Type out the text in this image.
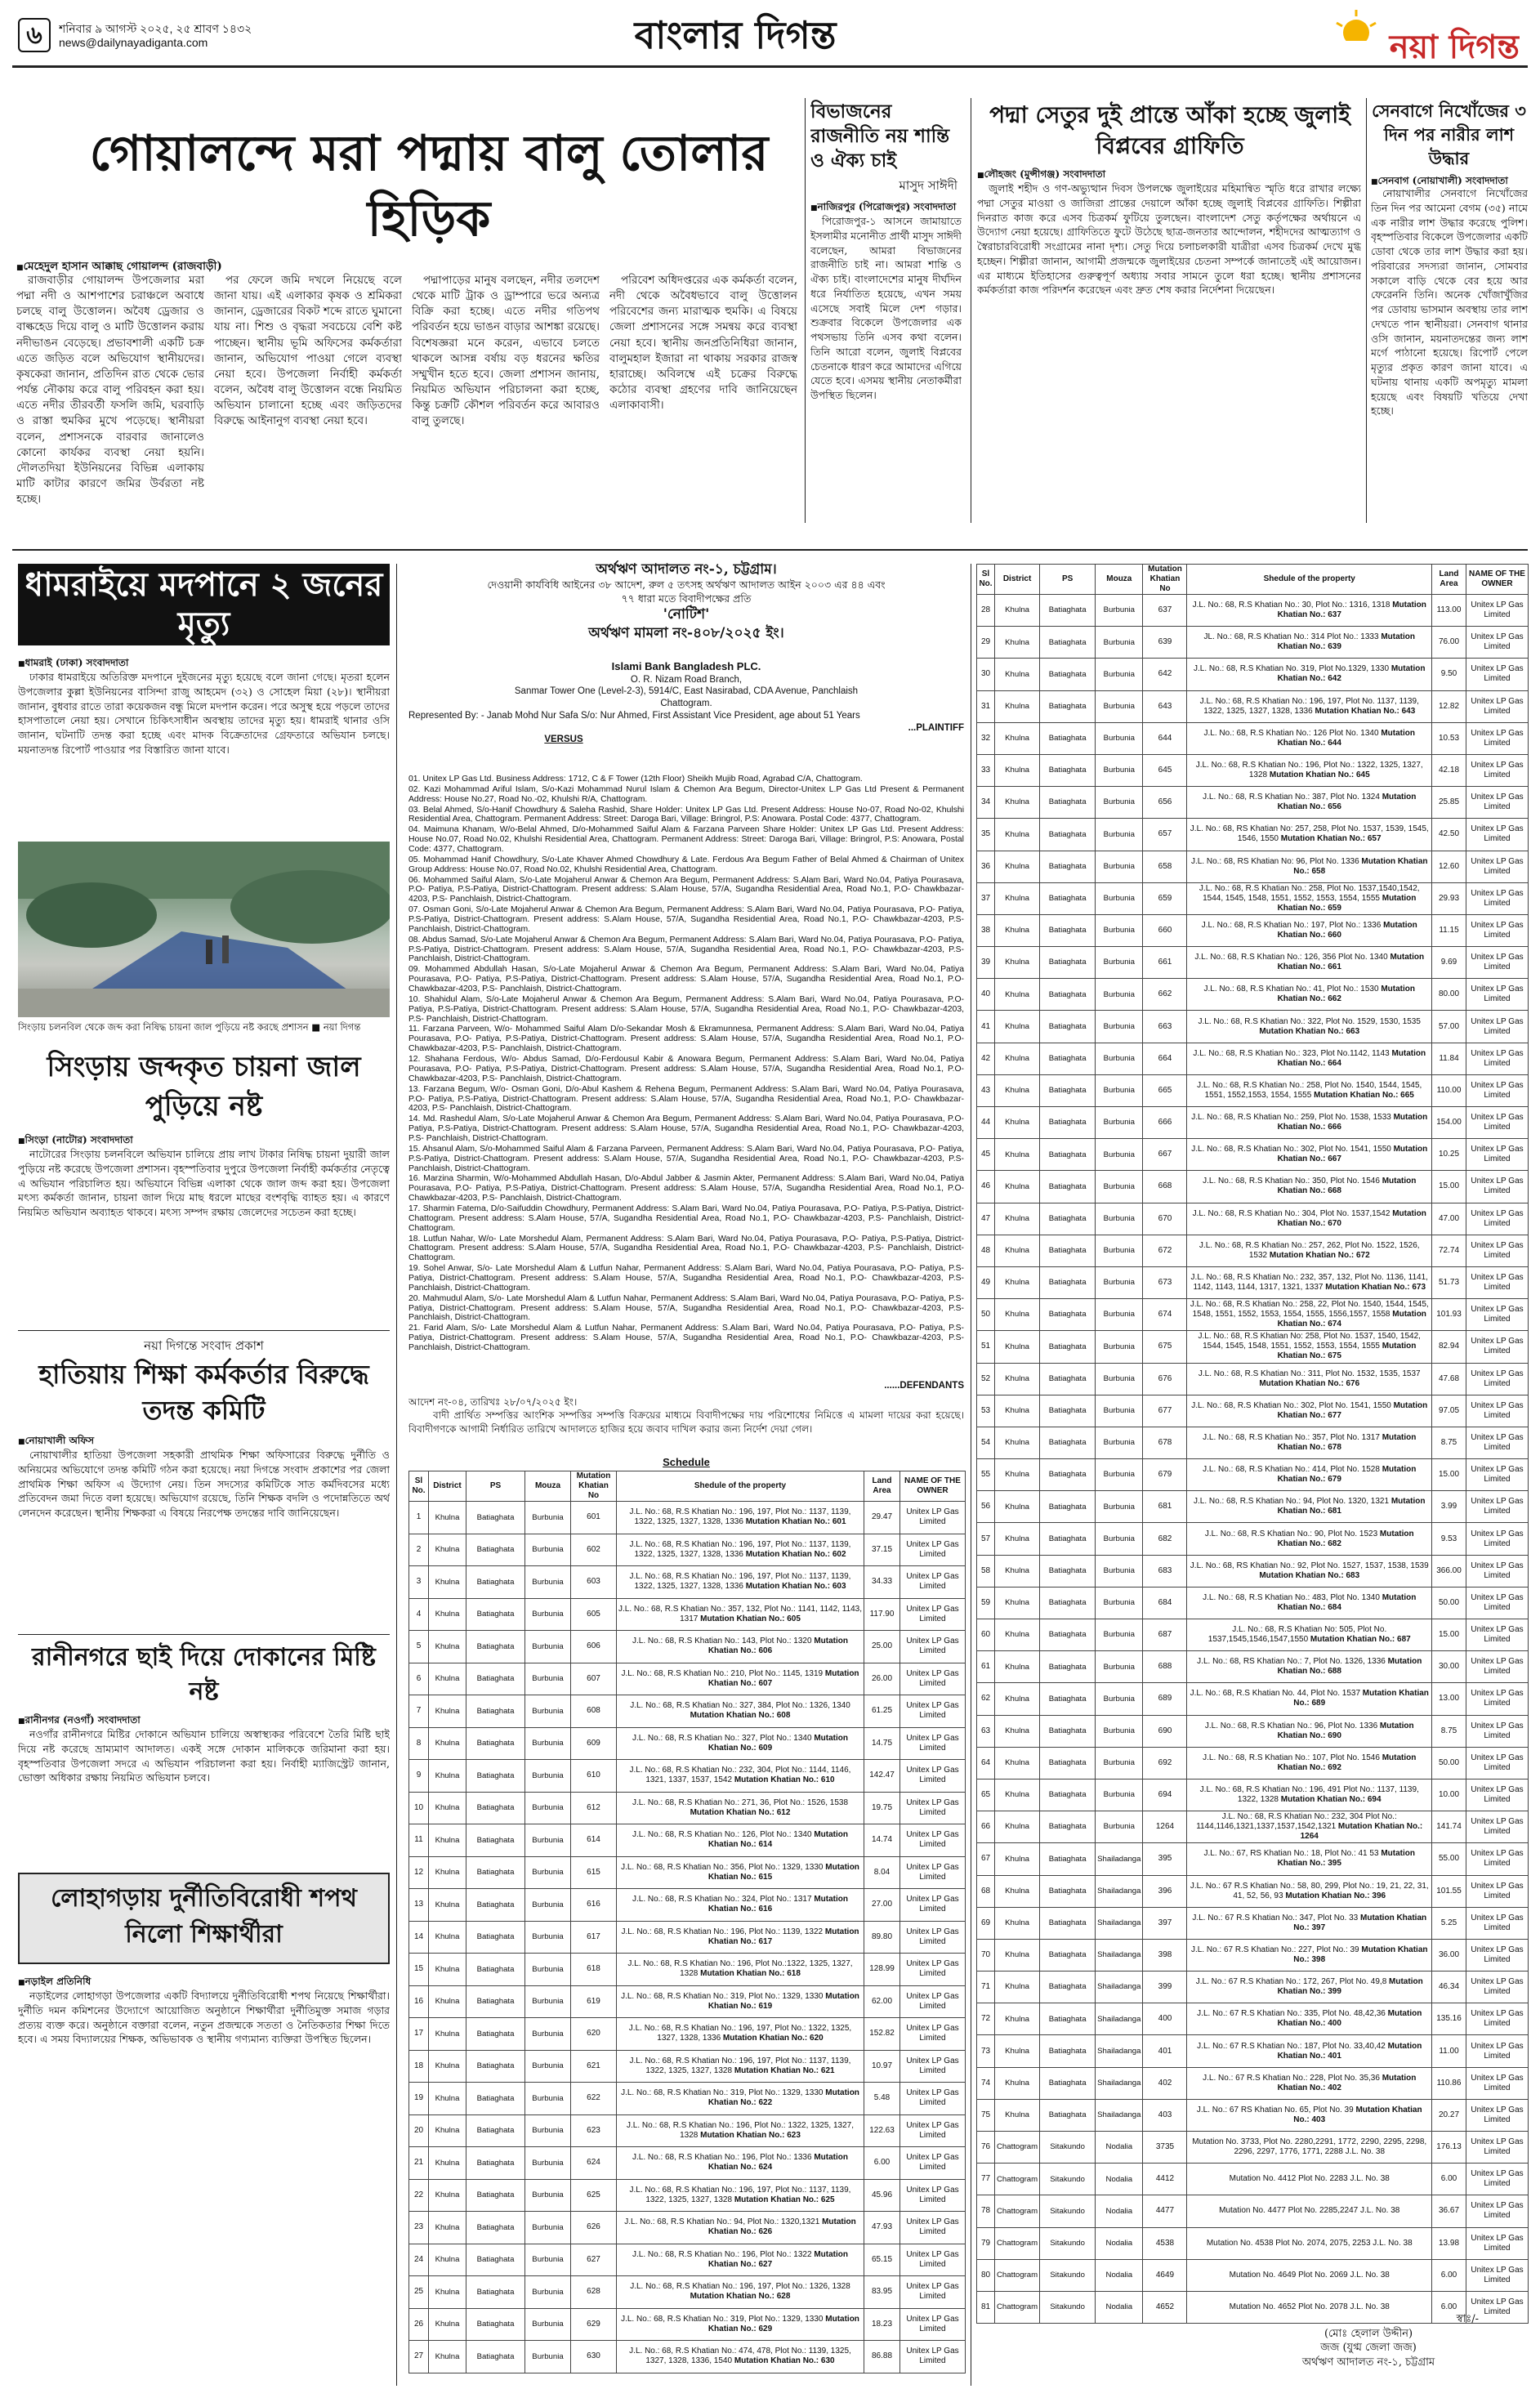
৬	শনিবার ৯ আগস্ট ২০২৫, ২৫ শ্রাবণ ১৪৩২
news@dailynayadiganta.com	বাংলার দিগন্ত	নয়া দিগন্ত
গোয়ালন্দে মরা পদ্মায় বালু তোলার হিড়িক
■ মেহেদুল হাসান আক্কাছ গোয়ালন্দ (রাজবাড়ী)

রাজবাড়ীর গোয়ালন্দ উপজেলার মরা পদ্মা নদী ও আশপাশের চরাঞ্চলে অবাধে চলছে বালু উত্তোলন। অবৈধ ড্রেজার ও বাল্কহেড দিয়ে বালু ও মাটি উত্তোলন করায় নদীভাঙন বেড়েছে। প্রভাবশালী একটি চক্র এতে জড়িত বলে অভিযোগ স্থানীয়দের। কৃষকেরা জানান, প্রতিদিন রাত থেকে ভোর পর্যন্ত নৌকায় করে বালু পরিবহন করা হয়। এতে নদীর তীরবর্তী ফসলি জমি, ঘরবাড়ি ও রাস্তা হুমকির মুখে পড়েছে। স্থানীয়রা বলেন, প্রশাসনকে বারবার জানালেও কোনো কার্যকর ব্যবস্থা নেয়া হয়নি। দৌলতদিয়া ইউনিয়নের বিভিন্ন এলাকায় মাটি কাটার কারণে জমির উর্বরতা নষ্ট হচ্ছে।

পর ফেলে জমি দখলে নিয়েছে বলে জানা যায়। এই এলাকার কৃষক ও শ্রমিকরা জানান, ড্রেজারের বিকট শব্দে রাতে ঘুমানো যায় না। শিশু ও বৃদ্ধরা সবচেয়ে বেশি কষ্ট পাচ্ছেন। স্থানীয় ভূমি অফিসের কর্মকর্তারা জানান, অভিযোগ পাওয়া গেলে ব্যবস্থা নেয়া হবে। উপজেলা নির্বাহী কর্মকর্তা বলেন, অবৈধ বালু উত্তোলন বন্ধে নিয়মিত অভিযান চালানো হচ্ছে এবং জড়িতদের বিরুদ্ধে আইনানুগ ব্যবস্থা নেয়া হবে।

পদ্মাপাড়ের মানুষ বলছেন, নদীর তলদেশ থেকে মাটি ট্রাক ও ড্রাম্পারে ভরে অন্যত্র বিক্রি করা হচ্ছে। এতে নদীর গতিপথ পরিবর্তন হয়ে ভাঙন বাড়ার আশঙ্কা রয়েছে। বিশেষজ্ঞরা মনে করেন, এভাবে চলতে থাকলে আসন্ন বর্ষায় বড় ধরনের ক্ষতির সম্মুখীন হতে হবে। জেলা প্রশাসন জানায়, নিয়মিত অভিযান পরিচালনা করা হচ্ছে, কিন্তু চক্রটি কৌশল পরিবর্তন করে আবারও বালু তুলছে।

পরিবেশ অধিদপ্তরের এক কর্মকর্তা বলেন, নদী থেকে অবৈধভাবে বালু উত্তোলন পরিবেশের জন্য মারাত্মক হুমকি। এ বিষয়ে জেলা প্রশাসনের সঙ্গে সমন্বয় করে ব্যবস্থা নেয়া হবে। স্থানীয় জনপ্রতিনিধিরা জানান, বালুমহাল ইজারা না থাকায় সরকার রাজস্ব হারাচ্ছে। অবিলম্বে এই চক্রের বিরুদ্ধে কঠোর ব্যবস্থা গ্রহণের দাবি জানিয়েছেন এলাকাবাসী।

বিভাজনের রাজনীতি নয় শান্তি ও ঐক্য চাই
মাসুদ সাঈদী
■ নাজিরপুর (পিরোজপুর) সংবাদদাতা

পিরোজপুর-১ আসনে জামায়াতে ইসলামীর মনোনীত প্রার্থী মাসুদ সাঈদী বলেছেন, আমরা বিভাজনের রাজনীতি চাই না। আমরা শান্তি ও ঐক্য চাই। বাংলাদেশের মানুষ দীর্ঘদিন ধরে নির্যাতিত হয়েছে, এখন সময় এসেছে সবাই মিলে দেশ গড়ার। শুক্রবার বিকেলে উপজেলার এক পথসভায় তিনি এসব কথা বলেন। তিনি আরো বলেন, জুলাই বিপ্লবের চেতনাকে ধারণ করে আমাদের এগিয়ে যেতে হবে। এসময় স্থানীয় নেতাকর্মীরা উপস্থিত ছিলেন।

পদ্মা সেতুর দুই প্রান্তে আঁকা হচ্ছে জুলাই বিপ্লবের গ্রাফিতি
■ লৌহজং (মুন্সীগঞ্জ) সংবাদদাতা

জুলাই শহীদ ও গণ-অভ্যুত্থান দিবস উপলক্ষে জুলাইয়ের মহিমান্বিত স্মৃতি ধরে রাখার লক্ষ্যে পদ্মা সেতুর মাওয়া ও জাজিরা প্রান্তের দেয়ালে আঁকা হচ্ছে জুলাই বিপ্লবের গ্রাফিতি। শিল্পীরা দিনরাত কাজ করে এসব চিত্রকর্ম ফুটিয়ে তুলছেন। বাংলাদেশ সেতু কর্তৃপক্ষের অর্থায়নে এ উদ্যোগ নেয়া হয়েছে। গ্রাফিতিতে ফুটে উঠেছে ছাত্র-জনতার আন্দোলন, শহীদদের আত্মত্যাগ ও স্বৈরাচারবিরোধী সংগ্রামের নানা দৃশ্য। সেতু দিয়ে চলাচলকারী যাত্রীরা এসব চিত্রকর্ম দেখে মুগ্ধ হচ্ছেন। শিল্পীরা জানান, আগামী প্রজন্মকে জুলাইয়ের চেতনা সম্পর্কে জানাতেই এই আয়োজন। এর মাধ্যমে ইতিহাসের গুরুত্বপূর্ণ অধ্যায় সবার সামনে তুলে ধরা হচ্ছে। স্থানীয় প্রশাসনের কর্মকর্তারা কাজ পরিদর্শন করেছেন এবং দ্রুত শেষ করার নির্দেশনা দিয়েছেন।

সেনবাগে নিখোঁজের ৩ দিন পর নারীর লাশ উদ্ধার
■ সেনবাগ (নোয়াখালী) সংবাদদাতা

নোয়াখালীর সেনবাগে নিখোঁজের তিন দিন পর আমেনা বেগম (৩৫) নামে এক নারীর লাশ উদ্ধার করেছে পুলিশ। বৃহস্পতিবার বিকেলে উপজেলার একটি ডোবা থেকে তার লাশ উদ্ধার করা হয়। পরিবারের সদস্যরা জানান, সোমবার সকালে বাড়ি থেকে বের হয়ে আর ফেরেননি তিনি। অনেক খোঁজাখুঁজির পর ডোবায় ভাসমান অবস্থায় তার লাশ দেখতে পান স্থানীয়রা। সেনবাগ থানার ওসি জানান, ময়নাতদন্তের জন্য লাশ মর্গে পাঠানো হয়েছে। রিপোর্ট পেলে মৃত্যুর প্রকৃত কারণ জানা যাবে। এ ঘটনায় থানায় একটি অপমৃত্যু মামলা হয়েছে এবং বিষয়টি খতিয়ে দেখা হচ্ছে।

ধামরাইয়ে মদপানে ২ জনের মৃত্যু
■ ধামরাই (ঢাকা) সংবাদদাতা

ঢাকার ধামরাইয়ে অতিরিক্ত মদপানে দুইজনের মৃত্যু হয়েছে বলে জানা গেছে। মৃতরা হলেন উপজেলার কুল্লা ইউনিয়নের বাসিন্দা রাজু আহমেদ (৩২) ও সোহেল মিয়া (২৮)। স্থানীয়রা জানান, বুধবার রাতে তারা কয়েকজন বন্ধু মিলে মদপান করেন। পরে অসুস্থ হয়ে পড়লে তাদের হাসপাতালে নেয়া হয়। সেখানে চিকিৎসাধীন অবস্থায় তাদের মৃত্যু হয়। ধামরাই থানার ওসি জানান, ঘটনাটি তদন্ত করা হচ্ছে এবং মাদক বিক্রেতাদের গ্রেফতারে অভিযান চলছে। ময়নাতদন্ত রিপোর্ট পাওয়ার পর বিস্তারিত জানা যাবে।

সিংড়ায় চলনবিল থেকে জব্দ করা নিষিদ্ধ চায়না জাল পুড়িয়ে নষ্ট করছে প্রশাসন ■ নয়া দিগন্ত
সিংড়ায় জব্দকৃত চায়না জাল পুড়িয়ে নষ্ট
■ সিংড়া (নাটোর) সংবাদদাতা

নাটোরের সিংড়ায় চলনবিলে অভিযান চালিয়ে প্রায় লাখ টাকার নিষিদ্ধ চায়না দুয়ারী জাল পুড়িয়ে নষ্ট করেছে উপজেলা প্রশাসন। বৃহস্পতিবার দুপুরে উপজেলা নির্বাহী কর্মকর্তার নেতৃত্বে এ অভিযান পরিচালিত হয়। অভিযানে বিভিন্ন এলাকা থেকে জাল জব্দ করা হয়। উপজেলা মৎস্য কর্মকর্তা জানান, চায়না জাল দিয়ে মাছ ধরলে মাছের বংশবৃদ্ধি ব্যাহত হয়। এ কারণে নিয়মিত অভিযান অব্যাহত থাকবে। মৎস্য সম্পদ রক্ষায় জেলেদের সচেতন করা হচ্ছে।

নয়া দিগন্তে সংবাদ প্রকাশ
হাতিয়ায় শিক্ষা কর্মকর্তার বিরুদ্ধে তদন্ত কমিটি
■ নোয়াখালী অফিস

নোয়াখালীর হাতিয়া উপজেলা সহকারী প্রাথমিক শিক্ষা অফিসারের বিরুদ্ধে দুর্নীতি ও অনিয়মের অভিযোগে তদন্ত কমিটি গঠন করা হয়েছে। নয়া দিগন্তে সংবাদ প্রকাশের পর জেলা প্রাথমিক শিক্ষা অফিস এ উদ্যোগ নেয়। তিন সদস্যের কমিটিকে সাত কর্মদিবসের মধ্যে প্রতিবেদন জমা দিতে বলা হয়েছে। অভিযোগ রয়েছে, তিনি শিক্ষক বদলি ও পদোন্নতিতে অর্থ লেনদেন করেছেন। স্থানীয় শিক্ষকরা এ বিষয়ে নিরপেক্ষ তদন্তের দাবি জানিয়েছেন।

রানীনগরে ছাই দিয়ে দোকানের মিষ্টি নষ্ট
■ রানীনগর (নওগাঁ) সংবাদদাতা

নওগাঁর রানীনগরে মিষ্টির দোকানে অভিযান চালিয়ে অস্বাস্থ্যকর পরিবেশে তৈরি মিষ্টি ছাই দিয়ে নষ্ট করেছে ভ্রাম্যমাণ আদালত। একই সঙ্গে দোকান মালিককে জরিমানা করা হয়। বৃহস্পতিবার উপজেলা সদরে এ অভিযান পরিচালনা করা হয়। নির্বাহী ম্যাজিস্ট্রেট জানান, ভোক্তা অধিকার রক্ষায় নিয়মিত অভিযান চলবে।

লোহাগড়ায় দুর্নীতিবিরোধী শপথ নিলো শিক্ষার্থীরা
■ নড়াইল প্রতিনিধি

নড়াইলের লোহাগড়া উপজেলার একটি বিদ্যালয়ে দুর্নীতিবিরোধী শপথ নিয়েছে শিক্ষার্থীরা। দুর্নীতি দমন কমিশনের উদ্যোগে আয়োজিত অনুষ্ঠানে শিক্ষার্থীরা দুর্নীতিমুক্ত সমাজ গড়ার প্রত্যয় ব্যক্ত করে। অনুষ্ঠানে বক্তারা বলেন, নতুন প্রজন্মকে সততা ও নৈতিকতার শিক্ষা দিতে হবে। এ সময় বিদ্যালয়ের শিক্ষক, অভিভাবক ও স্থানীয় গণ্যমান্য ব্যক্তিরা উপস্থিত ছিলেন।

অর্থঋণ আদালত নং-১, চট্টগ্রাম।
দেওয়ানী কার্যবিধি আইনের ৩৮ আদেশ, রুল ৫ তৎসহ অর্থঋণ আদালত আইন ২০০৩ এর ৪৪ এবং ৭৭ ধারা মতে বিবাদীপক্ষের প্রতি
'নোটিশ'
অর্থঋণ মামলা নং-৪০৮/২০২৫ ইং।
Islami Bank Bangladesh PLC.
O. R. Nizam Road Branch,
Sanmar Tower One (Level-2-3), 5914/C, East Nasirabad, CDA Avenue, Panchlaish Chattogram.
Represented By: - Janab Mohd Nur Safa S/o: Nur Ahmed, First Assistant Vice President, age about 51 Years
...PLAINTIFF
VERSUS
01. Unitex LP Gas Ltd. Business Address: 1712, C & F Tower (12th Floor) Sheikh Mujib Road, Agrabad C/A, Chattogram.
02. Kazi Mohammad Ariful Islam, S/o-Kazi Mohammad Nurul Islam & Chemon Ara Begum, Director-Unitex L.P Gas Ltd Present & Permanent Address: House No.27, Road No.-02, Khulshi R/A, Chattogram.
03. Belal Ahmed, S/o-Hanif Chowdhury & Saleha Rashid, Share Holder: Unitex LP Gas Ltd. Present Address: House No-07, Road No-02, Khulshi Residential Area, Chattogram. Permanent Address: Street: Daroga Bari, Village: Bringrol, P.S: Anowara. Postal Code: 4377, Chattogram.
04. Maimuna Khanam, W/o-Belal Ahmed, D/o-Mohammed Saiful Alam & Farzana Parveen Share Holder: Unitex LP Gas Ltd. Present Address: House No.07, Road No.02, Khulshi Residential Area, Chattogram. Permanent Address: Street: Daroga Bari, Village: Bringrol, P.S: Anowara, Postal Code: 4377, Chattogram.
05. Mohammad Hanif Chowdhury, S/o-Late Khaver Ahmed Chowdhury & Late. Ferdous Ara Begum Father of Belal Ahmed & Chairman of Unitex Group Address: House No.07, Road No.02, Khulshi Residential Area, Chattogram.
06. Mohammed Saiful Alam, S/o-Late Mojaherul Anwar & Chemon Ara Begum, Permanent Address: S.Alam Bari, Ward No.04, Patiya Pourasava, P.O- Patiya, P.S-Patiya, District-Chattogram. Present address: S.Alam House, 57/A, Sugandha Residential Area, Road No.1, P.O- Chawkbazar-4203, P.S- Panchlaish, District-Chattogram.
07. Osman Goni, S/o-Late Mojaherul Anwar & Chemon Ara Begum, Permanent Address: S.Alam Bari, Ward No.04, Patiya Pourasava, P.O- Patiya, P.S-Patiya, District-Chattogram. Present address: S.Alam House, 57/A, Sugandha Residential Area, Road No.1, P.O- Chawkbazar-4203, P.S- Panchlaish, District-Chattogram.
08. Abdus Samad, S/o-Late Mojaherul Anwar & Chemon Ara Begum, Permanent Address: S.Alam Bari, Ward No.04, Patiya Pourasava, P.O- Patiya, P.S-Patiya, District-Chattogram. Present address: S.Alam House, 57/A, Sugandha Residential Area, Road No.1, P.O- Chawkbazar-4203, P.S- Panchlaish, District-Chattogram.
09. Mohammed Abdullah Hasan, S/o-Late Mojaherul Anwar & Chemon Ara Begum, Permanent Address: S.Alam Bari, Ward No.04, Patiya Pourasava, P.O- Patiya, P.S-Patiya, District-Chattogram. Present address: S.Alam House, 57/A, Sugandha Residential Area, Road No.1, P.O- Chawkbazar-4203, P.S- Panchlaish, District-Chattogram.
10. Shahidul Alam, S/o-Late Mojaherul Anwar & Chemon Ara Begum, Permanent Address: S.Alam Bari, Ward No.04, Patiya Pourasava, P.O- Patiya, P.S-Patiya, District-Chattogram. Present address: S.Alam House, 57/A, Sugandha Residential Area, Road No.1, P.O- Chawkbazar-4203, P.S- Panchlaish, District-Chattogram.
11. Farzana Parveen, W/o- Mohammed Saiful Alam D/o-Sekandar Mosh & Ekramunnesa, Permanent Address: S.Alam Bari, Ward No.04, Patiya Pourasava, P.O- Patiya, P.S-Patiya, District-Chattogram. Present address: S.Alam House, 57/A, Sugandha Residential Area, Road No.1, P.O- Chawkbazar-4203, P.S- Panchlaish, District-Chattogram.
12. Shahana Ferdous, W/o- Abdus Samad, D/o-Ferdousul Kabir & Anowara Begum, Permanent Address: S.Alam Bari, Ward No.04, Patiya Pourasava, P.O- Patiya, P.S-Patiya, District-Chattogram. Present address: S.Alam House, 57/A, Sugandha Residential Area, Road No.1, P.O- Chawkbazar-4203, P.S- Panchlaish, District-Chattogram.
13. Farzana Begum, W/o- Osman Goni, D/o-Abul Kashem & Rehena Begum, Permanent Address: S.Alam Bari, Ward No.04, Patiya Pourasava, P.O- Patiya, P.S-Patiya, District-Chattogram. Present address: S.Alam House, 57/A, Sugandha Residential Area, Road No.1, P.O- Chawkbazar-4203, P.S- Panchlaish, District-Chattogram.
14. Md. Rashedul Alam, S/o-Late Mojaherul Anwar & Chemon Ara Begum, Permanent Address: S.Alam Bari, Ward No.04, Patiya Pourasava, P.O- Patiya, P.S-Patiya, District-Chattogram. Present address: S.Alam House, 57/A, Sugandha Residential Area, Road No.1, P.O- Chawkbazar-4203, P.S- Panchlaish, District-Chattogram.
15. Ahsanul Alam, S/o-Mohammed Saiful Alam & Farzana Parveen, Permanent Address: S.Alam Bari, Ward No.04, Patiya Pourasava, P.O- Patiya, P.S-Patiya, District-Chattogram. Present address: S.Alam House, 57/A, Sugandha Residential Area, Road No.1, P.O- Chawkbazar-4203, P.S- Panchlaish, District-Chattogram.
16. Marzina Sharmin, W/o-Mohammed Abdullah Hasan, D/o-Abdul Jabber & Jasmin Akter, Permanent Address: S.Alam Bari, Ward No.04, Patiya Pourasava, P.O- Patiya, P.S-Patiya, District-Chattogram. Present address: S.Alam House, 57/A, Sugandha Residential Area, Road No.1, P.O- Chawkbazar-4203, P.S- Panchlaish, District-Chattogram.
17. Sharmin Fatema, D/o-Saifuddin Chowdhury, Permanent Address: S.Alam Bari, Ward No.04, Patiya Pourasava, P.O- Patiya, P.S-Patiya, District-Chattogram. Present address: S.Alam House, 57/A, Sugandha Residential Area, Road No.1, P.O- Chawkbazar-4203, P.S- Panchlaish, District-Chattogram.
18. Lutfun Nahar, W/o- Late Morshedul Alam, Permanent Address: S.Alam Bari, Ward No.04, Patiya Pourasava, P.O- Patiya, P.S-Patiya, District-Chattogram. Present address: S.Alam House, 57/A, Sugandha Residential Area, Road No.1, P.O- Chawkbazar-4203, P.S- Panchlaish, District-Chattogram.
19. Sohel Anwar, S/o- Late Morshedul Alam & Lutfun Nahar, Permanent Address: S.Alam Bari, Ward No.04, Patiya Pourasava, P.O- Patiya, P.S-Patiya, District-Chattogram. Present address: S.Alam House, 57/A, Sugandha Residential Area, Road No.1, P.O- Chawkbazar-4203, P.S- Panchlaish, District-Chattogram.
20. Mahmudul Alam, S/o- Late Morshedul Alam & Lutfun Nahar, Permanent Address: S.Alam Bari, Ward No.04, Patiya Pourasava, P.O- Patiya, P.S-Patiya, District-Chattogram. Present address: S.Alam House, 57/A, Sugandha Residential Area, Road No.1, P.O- Chawkbazar-4203, P.S- Panchlaish, District-Chattogram.
21. Farid Alam, S/o- Late Morshedul Alam & Lutfun Nahar, Permanent Address: S.Alam Bari, Ward No.04, Patiya Pourasava, P.O- Patiya, P.S-Patiya, District-Chattogram. Present address: S.Alam House, 57/A, Sugandha Residential Area, Road No.1, P.O- Chawkbazar-4203, P.S- Panchlaish, District-Chattogram.
......DEFENDANTS
আদেশ নং-০৪, তারিখঃ ২৮/০৭/২০২৫ ইং।
বাদী প্রার্থিত সম্পত্তির আংশিক সম্পত্তির সম্পত্তি বিক্রয়ের মাধ্যমে বিবাদীপক্ষের দায় পরিশোধের নিমিত্তে এ মামলা দায়ের করা হয়েছে। বিবাদীগণকে আগামী নির্ধারিত তারিখে আদালতে হাজির হয়ে জবাব দাখিল করার জন্য নির্দেশ দেয়া গেল।
Schedule
Sl No.	District	PS	Mouza	Mutation Khatian No	Shedule of the property	Land Area	NAME OF THE OWNER
1	Khulna	Batiaghata	Burbunia	601	J.L. No.: 68, R.S Khatian No.: 196, 197, Plot No.: 1137, 1139, 1322, 1325, 1327, 1328, 1336 Mutation Khatian No.: 601	29.47	Unitex LP Gas Limited
2	Khulna	Batiaghata	Burbunia	602	J.L. No.: 68, R.S Khatian No.: 196, 197, Plot No.: 1137, 1139, 1322, 1325, 1327, 1328, 1336 Mutation Khatian No.: 602	37.15	Unitex LP Gas Limited
3	Khulna	Batiaghata	Burbunia	603	J.L. No.: 68, R.S Khatian No.: 196, 197, Plot No.: 1137, 1139, 1322, 1325, 1327, 1328, 1336 Mutation Khatian No.: 603	34.33	Unitex LP Gas Limited
4	Khulna	Batiaghata	Burbunia	605	J.L. No.: 68, R.S Khatian No.: 357, 132, Plot No.: 1141, 1142, 1143, 1317 Mutation Khatian No.: 605	117.90	Unitex LP Gas Limited
5	Khulna	Batiaghata	Burbunia	606	J.L. No.: 68, R.S Khatian No.: 143, Plot No.: 1320 Mutation Khatian No.: 606	25.00	Unitex LP Gas Limited
6	Khulna	Batiaghata	Burbunia	607	J.L. No.: 68, R.S Khatian No.: 210, Plot No.: 1145, 1319 Mutation Khatian No.: 607	26.00	Unitex LP Gas Limited
7	Khulna	Batiaghata	Burbunia	608	J.L. No.: 68, R.S Khatian No.: 327, 384, Plot No.: 1326, 1340 Mutation Khatian No.: 608	61.25	Unitex LP Gas Limited
8	Khulna	Batiaghata	Burbunia	609	J.L. No.: 68, R.S Khatian No.: 327, Plot No.: 1340 Mutation Khatian No.: 609	14.75	Unitex LP Gas Limited
9	Khulna	Batiaghata	Burbunia	610	J.L. No.: 68, R.S Khatian No.: 232, 304, Plot No.: 1144, 1146, 1321, 1337, 1537, 1542 Mutation Khatian No.: 610	142.47	Unitex LP Gas Limited
10	Khulna	Batiaghata	Burbunia	612	J.L. No.: 68, R.S Khatian No.: 271, 36, Plot No.: 1526, 1538 Mutation Khatian No.: 612	19.75	Unitex LP Gas Limited
11	Khulna	Batiaghata	Burbunia	614	J.L. No.: 68, R.S Khatian No.: 126, Plot No.: 1340 Mutation Khatian No.: 614	14.74	Unitex LP Gas Limited
12	Khulna	Batiaghata	Burbunia	615	J.L. No.: 68, R.S Khatian No.: 356, Plot No.: 1329, 1330 Mutation Khatian No.: 615	8.04	Unitex LP Gas Limited
13	Khulna	Batiaghata	Burbunia	616	J.L. No.: 68, R.S Khatian No.: 324, Plot No.: 1317 Mutation Khatian No.: 616	27.00	Unitex LP Gas Limited
14	Khulna	Batiaghata	Burbunia	617	J.L. No.: 68, R.S Khatian No.: 196, Plot No.: 1139, 1322 Mutation Khatian No.: 617	89.80	Unitex LP Gas Limited
15	Khulna	Batiaghata	Burbunia	618	J.L. No.: 68, R.S Khatian No.: 196, Plot No.:1322, 1325, 1327, 1328 Mutation Khatian No.: 618	128.99	Unitex LP Gas Limited
16	Khulna	Batiaghata	Burbunia	619	J.L. No.: 68, R.S Khatian No.: 319, Plot No.: 1329, 1330 Mutation Khatian No.: 619	62.00	Unitex LP Gas Limited
17	Khulna	Batiaghata	Burbunia	620	J.L. No.: 68, R.S Khatian No.: 196, 197, Plot No.: 1322, 1325, 1327, 1328, 1336 Mutation Khatian No.: 620	152.82	Unitex LP Gas Limited
18	Khulna	Batiaghata	Burbunia	621	J.L. No.: 68, R.S Khatian No.: 196, 197, Plot No.: 1137, 1139, 1322, 1325, 1327, 1328 Mutation Khatian No.: 621	10.97	Unitex LP Gas Limited
19	Khulna	Batiaghata	Burbunia	622	J.L. No.: 68, R.S Khatian No.: 319, Plot No.: 1329, 1330 Mutation Khatian No.: 622	5.48	Unitex LP Gas Limited
20	Khulna	Batiaghata	Burbunia	623	J.L. No.: 68, R.S Khatian No.: 196, Plot No.: 1322, 1325, 1327, 1328 Mutation Khatian No.: 623	122.63	Unitex LP Gas Limited
21	Khulna	Batiaghata	Burbunia	624	J.L. No.: 68, R.S Khatian No.: 196, Plot No.: 1336 Mutation Khatian No.: 624	6.00	Unitex LP Gas Limited
22	Khulna	Batiaghata	Burbunia	625	J.L. No.: 68, R.S Khatian No.: 196, 197, Plot No.: 1137, 1139, 1322, 1325, 1327, 1328 Mutation Khatian No.: 625	45.96	Unitex LP Gas Limited
23	Khulna	Batiaghata	Burbunia	626	J.L. No.: 68, R.S Khatian No.: 94, Plot No.: 1320,1321 Mutation Khatian No.: 626	47.93	Unitex LP Gas Limited
24	Khulna	Batiaghata	Burbunia	627	J.L. No.: 68, R.S Khatian No.: 196, Plot No.: 1322 Mutation Khatian No.: 627	65.15	Unitex LP Gas Limited
25	Khulna	Batiaghata	Burbunia	628	J.L. No.: 68, R.S Khatian No.: 196, 197, Plot No.: 1326, 1328 Mutation Khatian No.: 628	83.95	Unitex LP Gas Limited
26	Khulna	Batiaghata	Burbunia	629	J.L. No.: 68, R.S Khatian No.: 319, Plot No.: 1329, 1330 Mutation Khatian No.: 629	18.23	Unitex LP Gas Limited
27	Khulna	Batiaghata	Burbunia	630	J.L. No.: 68, R.S Khatian No.: 474, 478, Plot No.: 1139, 1325, 1327, 1328, 1336, 1540 Mutation Khatian No.: 630	86.88	Unitex LP Gas Limited
Sl No.	District	PS	Mouza	Mutation Khatian No	Shedule of the property	Land Area	NAME OF THE OWNER
28	Khulna	Batiaghata	Burbunia	637	J.L. No.: 68, R.S Khatian No.: 30, Plot No.: 1316, 1318 Mutation Khatian No.: 637	113.00	Unitex LP Gas Limited
29	Khulna	Batiaghata	Burbunia	639	JL. No.: 68, R.S Khatian No.: 314 Plot No.: 1333 Mutation Khatian No.: 639	76.00	Unitex LP Gas Limited
30	Khulna	Batiaghata	Burbunia	642	J.L. No.: 68, R.S Khatian No. 319, Plot No.1329, 1330 Mutation Khatian No.: 642	9.50	Unitex LP Gas Limited
31	Khulna	Batiaghata	Burbunia	643	J.L. No.: 68, R.S Khatian No.: 196, 197, Plot No. 1137, 1139, 1322, 1325, 1327, 1328, 1336 Mutation Khatian No.: 643	12.82	Unitex LP Gas Limited
32	Khulna	Batiaghata	Burbunia	644	J.L. No.: 68, R.S Khatian No.: 126 Plot No. 1340 Mutation Khatian No.: 644	10.53	Unitex LP Gas Limited
33	Khulna	Batiaghata	Burbunia	645	J.L. No.: 68, R.S Khatian No.: 196, Plot No.: 1322, 1325, 1327, 1328 Mutation Khatian No.: 645	42.18	Unitex LP Gas Limited
34	Khulna	Batiaghata	Burbunia	656	J.L. No.: 68, R.S Khatian No.: 387, Plot No. 1324 Mutation Khatian No.: 656	25.85	Unitex LP Gas Limited
35	Khulna	Batiaghata	Burbunia	657	J.L. No.: 68, RS Khatian No: 257, 258, Plot No. 1537, 1539, 1545, 1546, 1550 Mutation Khatian No.: 657	42.50	Unitex LP Gas Limited
36	Khulna	Batiaghata	Burbunia	658	J.L. No.: 68, RS Khatian No: 96, Plot No. 1336 Mutation Khatian No.: 658	12.60	Unitex LP Gas Limited
37	Khulna	Batiaghata	Burbunia	659	J.L. No.: 68, R.S Khatian No.: 258, Plot No. 1537,1540,1542, 1544, 1545, 1548, 1551, 1552, 1553, 1554, 1555 Mutation Khatian No.: 659	29.93	Unitex LP Gas Limited
38	Khulna	Batiaghata	Burbunia	660	J.L. No.: 68, R.S Khatian No.: 197, Plot No.: 1336 Mutation Khatian No.: 660	11.15	Unitex LP Gas Limited
39	Khulna	Batiaghata	Burbunia	661	J.L. No.: 68, R.S Khatian No.: 126, 356 Plot No. 1340 Mutation Khatian No.: 661	9.69	Unitex LP Gas Limited
40	Khulna	Batiaghata	Burbunia	662	J.L. No.: 68, R.S Khatian No.: 41, Plot No.: 1530 Mutation Khatian No.: 662	80.00	Unitex LP Gas Limited
41	Khulna	Batiaghata	Burbunia	663	J.L. No.: 68, R.S Khatian No.: 322, Plot No. 1529, 1530, 1535 Mutation Khatian No.: 663	57.00	Unitex LP Gas Limited
42	Khulna	Batiaghata	Burbunia	664	J.L. No.: 68, R.S Khatian No.: 323, Plot No.1142, 1143 Mutation Khatian No.: 664	11.84	Unitex LP Gas Limited
43	Khulna	Batiaghata	Burbunia	665	J.L. No.: 68, R.S Khatian No.: 258, Plot No. 1540, 1544, 1545, 1551, 1552,1553, 1554, 1555 Mutation Khatian No.: 665	110.00	Unitex LP Gas Limited
44	Khulna	Batiaghata	Burbunia	666	J.L. No.: 68, R.S Khatian No.: 259, Plot No. 1538, 1533 Mutation Khatian No.: 666	154.00	Unitex LP Gas Limited
45	Khulna	Batiaghata	Burbunia	667	J.L. No.: 68, R.S Khatian No.: 302, Plot No. 1541, 1550 Mutation Khatian No.: 667	10.25	Unitex LP Gas Limited
46	Khulna	Batiaghata	Burbunia	668	J.L. No.: 68, R.S Khatian No.: 350, Plot No. 1546 Mutation Khatian No.: 668	15.00	Unitex LP Gas Limited
47	Khulna	Batiaghata	Burbunia	670	J.L. No.: 68, R.S Khatian No.: 304, Plot No. 1537,1542 Mutation Khatian No.: 670	47.00	Unitex LP Gas Limited
48	Khulna	Batiaghata	Burbunia	672	J.L. No.: 68, R.S Khatian No.: 257, 262, Plot No. 1522, 1526, 1532 Mutation Khatian No.: 672	72.74	Unitex LP Gas Limited
49	Khulna	Batiaghata	Burbunia	673	J.L. No.: 68, R.S Khatian No.: 232, 357, 132, Plot No. 1136, 1141, 1142, 1143, 1144, 1317, 1321, 1337 Mutation Khatian No.: 673	51.73	Unitex LP Gas Limited
50	Khulna	Batiaghata	Burbunia	674	J.L. No.: 68, R.S Khatian No.: 258, 22, Plot No. 1540, 1544, 1545, 1548, 1551, 1552, 1553, 1554, 1555, 1556,1557, 1558 Mutation Khatian No.: 674	101.93	Unitex LP Gas Limited
51	Khulna	Batiaghata	Burbunia	675	J.L. No.: 68, R.S Khatian No: 258, Plot No. 1537, 1540, 1542, 1544, 1545, 1548, 1551, 1552, 1553, 1554, 1555 Mutation Khatian No.: 675	82.94	Unitex LP Gas Limited
52	Khulna	Batiaghata	Burbunia	676	J.L. No.: 68, R.S Khatian No.: 311, Plot No. 1532, 1535, 1537 Mutation Khatian No.: 676	47.68	Unitex LP Gas Limited
53	Khulna	Batiaghata	Burbunia	677	J.L. No.: 68, R.S Khatian No.: 302, Plot No. 1541, 1550 Mutation Khatian No.: 677	97.05	Unitex LP Gas Limited
54	Khulna	Batiaghata	Burbunia	678	J.L. No.: 68, R.S Khatian No.: 357, Plot No. 1317 Mutation Khatian No.: 678	8.75	Unitex LP Gas Limited
55	Khulna	Batiaghata	Burbunia	679	J.L. No.: 68, R.S Khatian No.: 414, Plot No. 1528 Mutation Khatian No.: 679	15.00	Unitex LP Gas Limited
56	Khulna	Batiaghata	Burbunia	681	J.L. No.: 68, R.S Khatian No.: 94, Plot No. 1320, 1321 Mutation Khatian No.: 681	3.99	Unitex LP Gas Limited
57	Khulna	Batiaghata	Burbunia	682	J.L. No.: 68, R.S Khatian No.: 90, Plot No. 1523 Mutation Khatian No.: 682	9.53	Unitex LP Gas Limited
58	Khulna	Batiaghata	Burbunia	683	J.L. No.: 68, RS Khatian No.: 92, Plot No. 1527, 1537, 1538, 1539 Mutation Khatian No.: 683	366.00	Unitex LP Gas Limited
59	Khulna	Batiaghata	Burbunia	684	J.L. No.: 68, R.S Khatian No.: 483, Plot No. 1340 Mutation Khatian No.: 684	50.00	Unitex LP Gas Limited
60	Khulna	Batiaghata	Burbunia	687	J.L. No.: 68, R.S Khatian No: 505, Plot No. 1537,1545,1546,1547,1550 Mutation Khatian No.: 687	15.00	Unitex LP Gas Limited
61	Khulna	Batiaghata	Burbunia	688	J.L. No.: 68, RS Khatian No.: 7, Plot No. 1326, 1336 Mutation Khatian No.: 688	30.00	Unitex LP Gas Limited
62	Khulna	Batiaghata	Burbunia	689	J.L. No.: 68, R.S Khatian No. 44, Plot No. 1537 Mutation Khatian No.: 689	13.00	Unitex LP Gas Limited
63	Khulna	Batiaghata	Burbunia	690	J.L. No.: 68, R.S Khatian No.: 96, Plot No. 1336 Mutation Khatian No.: 690	8.75	Unitex LP Gas Limited
64	Khulna	Batiaghata	Burbunia	692	J.L. No.: 68, R.S Khatian No.: 107, Plot No. 1546 Mutation Khatian No.: 692	50.00	Unitex LP Gas Limited
65	Khulna	Batiaghata	Burbunia	694	J.L. No.: 68, R.S Khatian No.: 196, 491 Plot No.: 1137, 1139, 1322, 1328 Mutation Khatian No.: 694	10.00	Unitex LP Gas Limited
66	Khulna	Batiaghata	Burbunia	1264	J.L. No.: 68, R.S Khatian No.: 232, 304 Plot No.: 1144,1146,1321,1337,1537,1542,1321 Mutation Khatian No.: 1264	141.74	Unitex LP Gas Limited
67	Khulna	Batiaghata	Shailadanga	395	J.L. No.: 67, RS Khatian No.: 18, Plot No.: 41 53 Mutation Khatian No.: 395	55.00	Unitex LP Gas Limited
68	Khulna	Batiaghata	Shailadanga	396	J.L. No.: 67 R.S Khatian No.: 58, 80, 299, Plot No.: 19, 21, 22, 31, 41, 52, 56, 93 Mutation Khatian No.: 396	101.55	Unitex LP Gas Limited
69	Khulna	Batiaghata	Shailadanga	397	J.L. No.: 67 R.S Khatian No.: 347, Plot No. 33 Mutation Khatian No.: 397	5.25	Unitex LP Gas Limited
70	Khulna	Batiaghata	Shailadanga	398	J.L. No.: 67 R.S Khatian No.: 227, Plot No.: 39 Mutation Khatian No.: 398	36.00	Unitex LP Gas Limited
71	Khulna	Batiaghata	Shailadanga	399	J.L. No.: 67 R.S Khatian No.: 172, 267, Plot No. 49,8 Mutation Khatian No.: 399	46.34	Unitex LP Gas Limited
72	Khulna	Batiaghata	Shailadanga	400	J.L. No.: 67 R.S Khatian No.: 335, Plot No. 48,42,36 Mutation Khatian No.: 400	135.16	Unitex LP Gas Limited
73	Khulna	Batiaghata	Shailadanga	401	J.L. No.: 67 R.S Khatian No.: 187, Plot No. 33,40,42 Mutation Khatian No.: 401	11.00	Unitex LP Gas Limited
74	Khulna	Batiaghata	Shailadanga	402	J.L. No.: 67 R.S Khatian No.: 228, Plot No. 35,36 Mutation Khatian No.: 402	110.86	Unitex LP Gas Limited
75	Khulna	Batiaghata	Shailadanga	403	J.L. No.: 67 RS Khatian No. 65, Plot No. 39 Mutation Khatian No.: 403	20.27	Unitex LP Gas Limited
76	Chattogram	Sitakundo	Nodalia	3735	Mutation No. 3733, Plot No. 2280,2291, 1772, 2290, 2295, 2298, 2296, 2297, 1776, 1771, 2288 J.L. No. 38	176.13	Unitex LP Gas Limited
77	Chattogram	Sitakundo	Nodalia	4412	Mutation No. 4412 Plot No. 2283 J.L. No. 38	6.00	Unitex LP Gas Limited
78	Chattogram	Sitakundo	Nodalia	4477	Mutation No. 4477 Plot No. 2285,2247 J.L. No. 38	36.67	Unitex LP Gas Limited
79	Chattogram	Sitakundo	Nodalia	4538	Mutation No. 4538 Plot No. 2074, 2075, 2253 J.L. No. 38	13.98	Unitex LP Gas Limited
80	Chattogram	Sitakundo	Nodalia	4649	Mutation No. 4649 Plot No. 2069 J.L. No. 38	6.00	Unitex LP Gas Limited
81	Chattogram	Sitakundo	Nodalia	4652	Mutation No. 4652 Plot No. 2078 J.L. No. 38	6.00	Unitex LP Gas Limited
স্বাঃ/-
(মোঃ হেলাল উদ্দীন)
জজ (যুগ্ম জেলা জজ)
অর্থঋণ আদালত নং-১, চট্টগ্রাম
